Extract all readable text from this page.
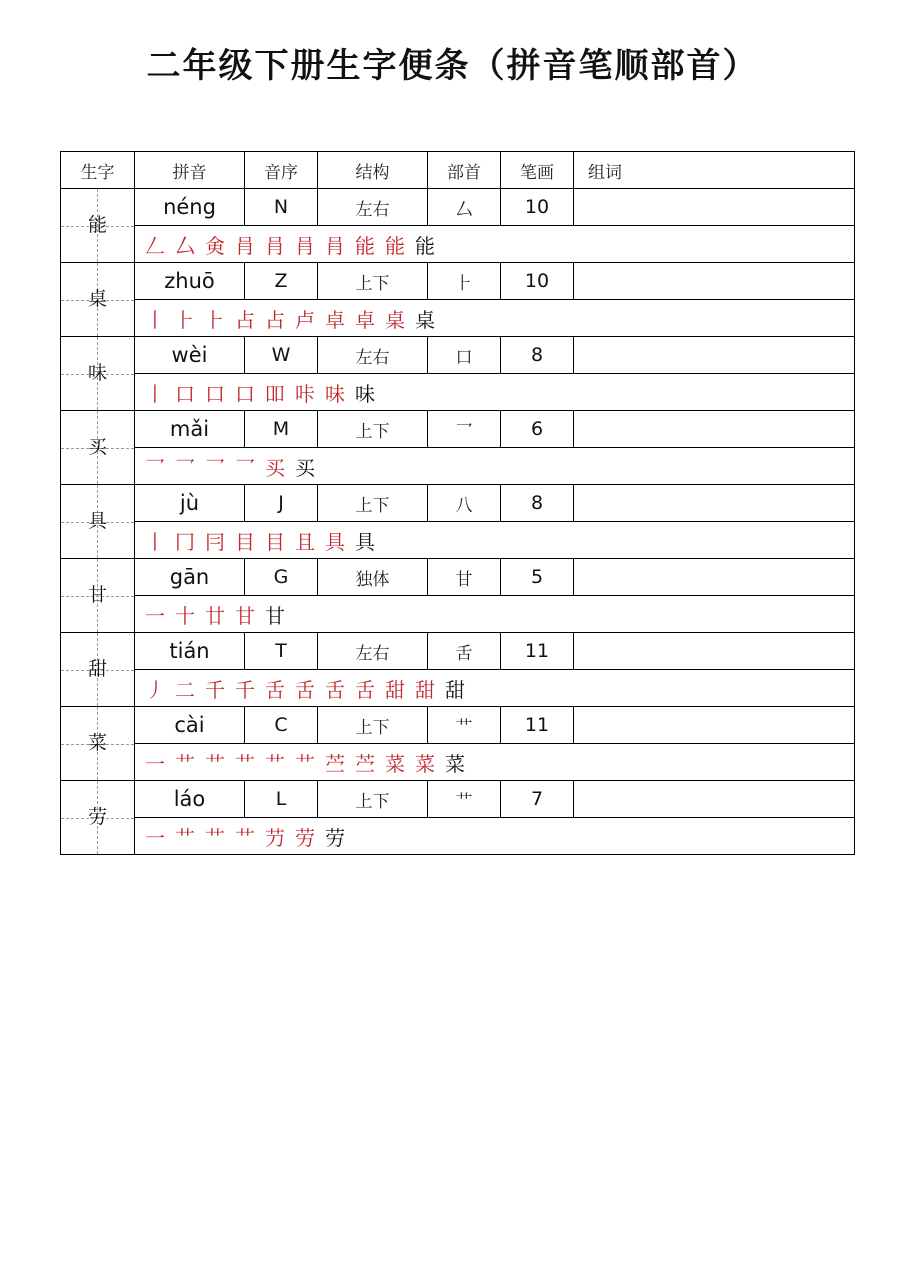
二年级下册生字便条（拼音笔顺部首）
生字	拼音	音序	结构	部首	笔画	组词

能	néng	N	左右	厶	10	
	𠃋 厶 㑒 肙 肙 肙 肙 能 能 能					

桌	zhuō	Z	上下	⺊	10	
	丨 ⺊ ⺊ 占 占 卢 卓 卓 桌 桌					

味	wèi	W	左右	口	8	
	丨 口 口 口 吅 咔 味 味					

买	mǎi	M	上下	乛	6	
	乛 乛 乛 乛 买 买					

具	jù	J	上下	八	8	
	丨 冂 冃 目 目 且 具 具					

甘	gān	G	独体	甘	5	
	一 十 廿 甘 甘					

甜	tián	T	左右	舌	11	
	丿 二 千 千 舌 舌 舌 舌 甜 甜 甜					

菜	cài	C	上下	艹	11	
	一 艹 艹 艹 艹 艹 苎 苎 菜 菜 菜					

劳	láo	L	上下	艹	7	
	一 艹 艹 艹 芀 劳 劳					
